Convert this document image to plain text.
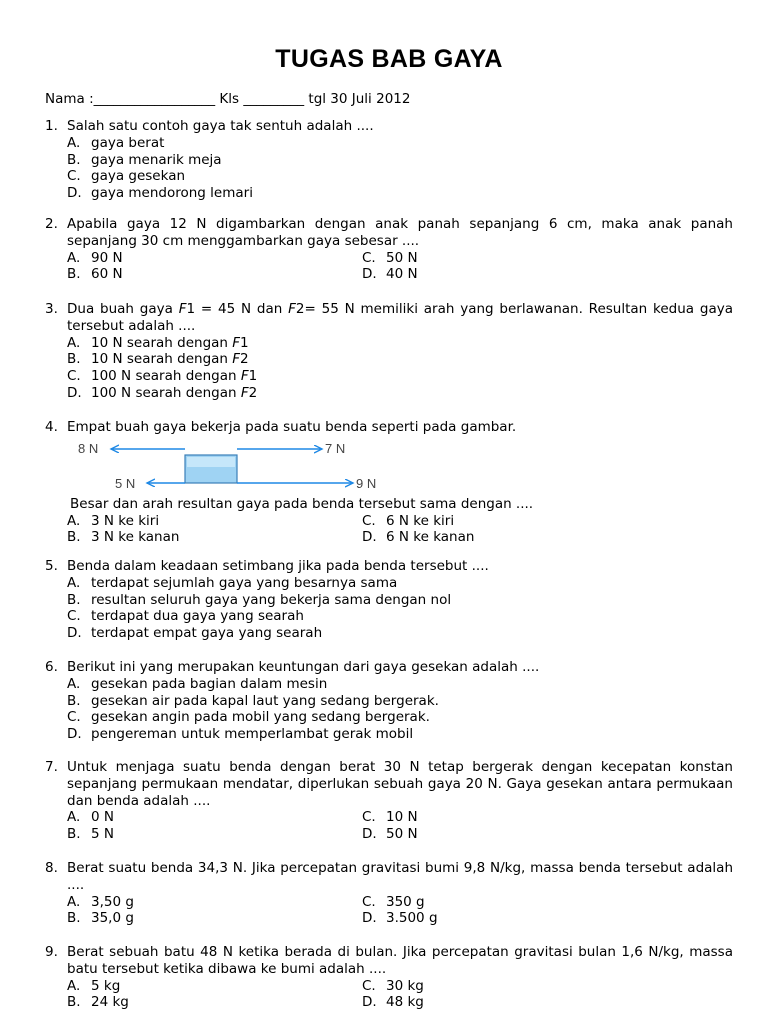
TUGAS BAB GAYA
Nama :__________________ Kls _________ tgl 30 Juli 2012
1. Salah satu contoh gaya tak sentuh adalah ....
A. gaya berat
B. gaya menarik meja
C. gaya gesekan
D. gaya mendorong lemari
2. Apabila gaya 12 N digambarkan dengan anak panah sepanjang 6 cm, maka anak panah sepanjang 30 cm menggambarkan gaya sebesar ....
A. 90 N	C. 50 N
B. 60 N	D. 40 N
3. Dua buah gaya F1 = 45 N dan F2= 55 N memiliki arah yang berlawanan. Resultan kedua gaya tersebut adalah ....
A. 10 N searah dengan F1
B. 10 N searah dengan F2
C. 100 N searah dengan F1
D. 100 N searah dengan F2
4. Empat buah gaya bekerja pada suatu benda seperti pada gambar.
8 N	7 N
5 N	9 N
Besar dan arah resultan gaya pada benda tersebut sama dengan ....
A. 3 N ke kiri	C. 6 N ke kiri
B. 3 N ke kanan	D. 6 N ke kanan
5. Benda dalam keadaan setimbang jika pada benda tersebut ....
A. terdapat sejumlah gaya yang besarnya sama
B. resultan seluruh gaya yang bekerja sama dengan nol
C. terdapat dua gaya yang searah
D. terdapat empat gaya yang searah
6. Berikut ini yang merupakan keuntungan dari gaya gesekan adalah ....
A. gesekan pada bagian dalam mesin
B. gesekan air pada kapal laut yang sedang bergerak.
C. gesekan angin pada mobil yang sedang bergerak.
D. pengereman untuk memperlambat gerak mobil
7. Untuk menjaga suatu benda dengan berat 30 N tetap bergerak dengan kecepatan konstan sepanjang permukaan mendatar, diperlukan sebuah gaya 20 N. Gaya gesekan antara permukaan dan benda adalah ....
A. 0 N	C. 10 N
B. 5 N	D. 50 N
8. Berat suatu benda 34,3 N. Jika percepatan gravitasi bumi 9,8 N/kg, massa benda tersebut adalah ....
A. 3,50 g	C. 350 g
B. 35,0 g	D. 3.500 g
9. Berat sebuah batu 48 N ketika berada di bulan. Jika percepatan gravitasi bulan 1,6 N/kg, massa batu tersebut ketika dibawa ke bumi adalah ....
A. 5 kg	C. 30 kg
B. 24 kg	D. 48 kg
